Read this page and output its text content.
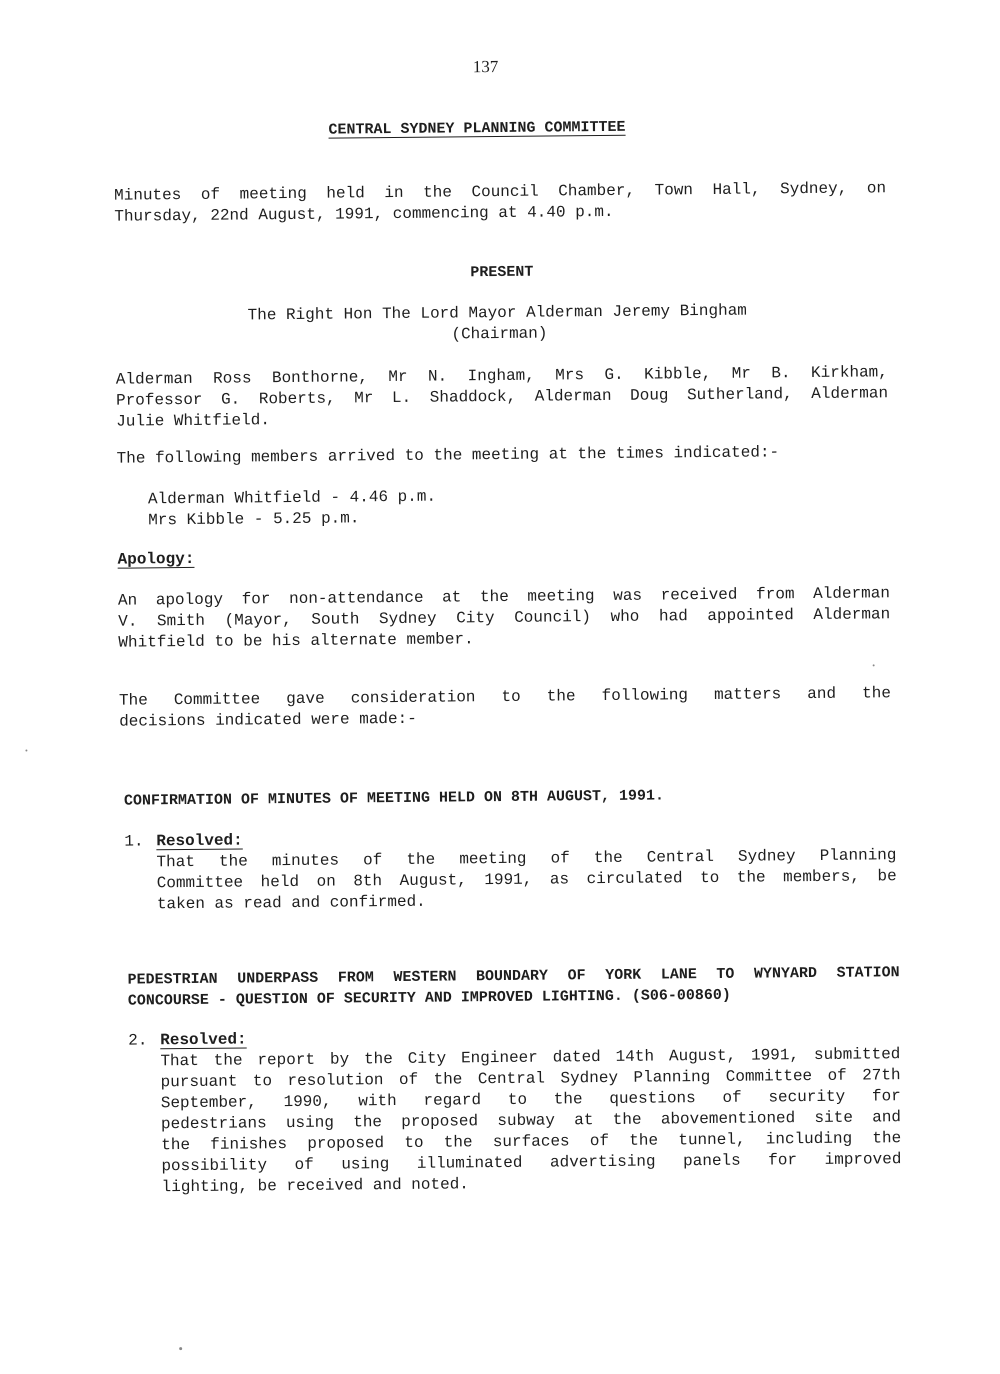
137
CENTRAL SYDNEY PLANNING COMMITTEE
Minutes of meeting held in the Council Chamber, Town Hall, Sydney, on
Thursday, 22nd August, 1991, commencing at 4.40 p.m.
PRESENT
The Right Hon The Lord Mayor Alderman Jeremy Bingham
(Chairman)
Alderman Ross Bonthorne, Mr N. Ingham, Mrs G. Kibble, Mr B. Kirkham,
Professor G. Roberts, Mr L. Shaddock, Alderman Doug Sutherland, Alderman
Julie Whitfield.
The following members arrived to the meeting at the times indicated:-
Alderman Whitfield - 4.46 p.m.
Mrs Kibble - 5.25 p.m.
Apology:
An apology for non-attendance at the meeting was received from Alderman
V. Smith (Mayor, South Sydney City Council) who had appointed Alderman
Whitfield to be his alternate member.
The Committee gave consideration to the following matters and the
decisions indicated were made:-
CONFIRMATION OF MINUTES OF MEETING HELD ON 8TH AUGUST, 1991.
1. Resolved:
That the minutes of the meeting of the Central Sydney Planning
Committee held on 8th August, 1991, as circulated to the members, be
taken as read and confirmed.
PEDESTRIAN UNDERPASS FROM WESTERN BOUNDARY OF YORK LANE TO WYNYARD STATION
CONCOURSE - QUESTION OF SECURITY AND IMPROVED LIGHTING. (S06-00860)
2. Resolved:
That the report by the City Engineer dated 14th August, 1991, submitted
pursuant to resolution of the Central Sydney Planning Committee of 27th
September, 1990, with regard to the questions of security for
pedestrians using the proposed subway at the abovementioned site and
the finishes proposed to the surfaces of the tunnel, including the
possibility of using illuminated advertising panels for improved
lighting, be received and noted.
